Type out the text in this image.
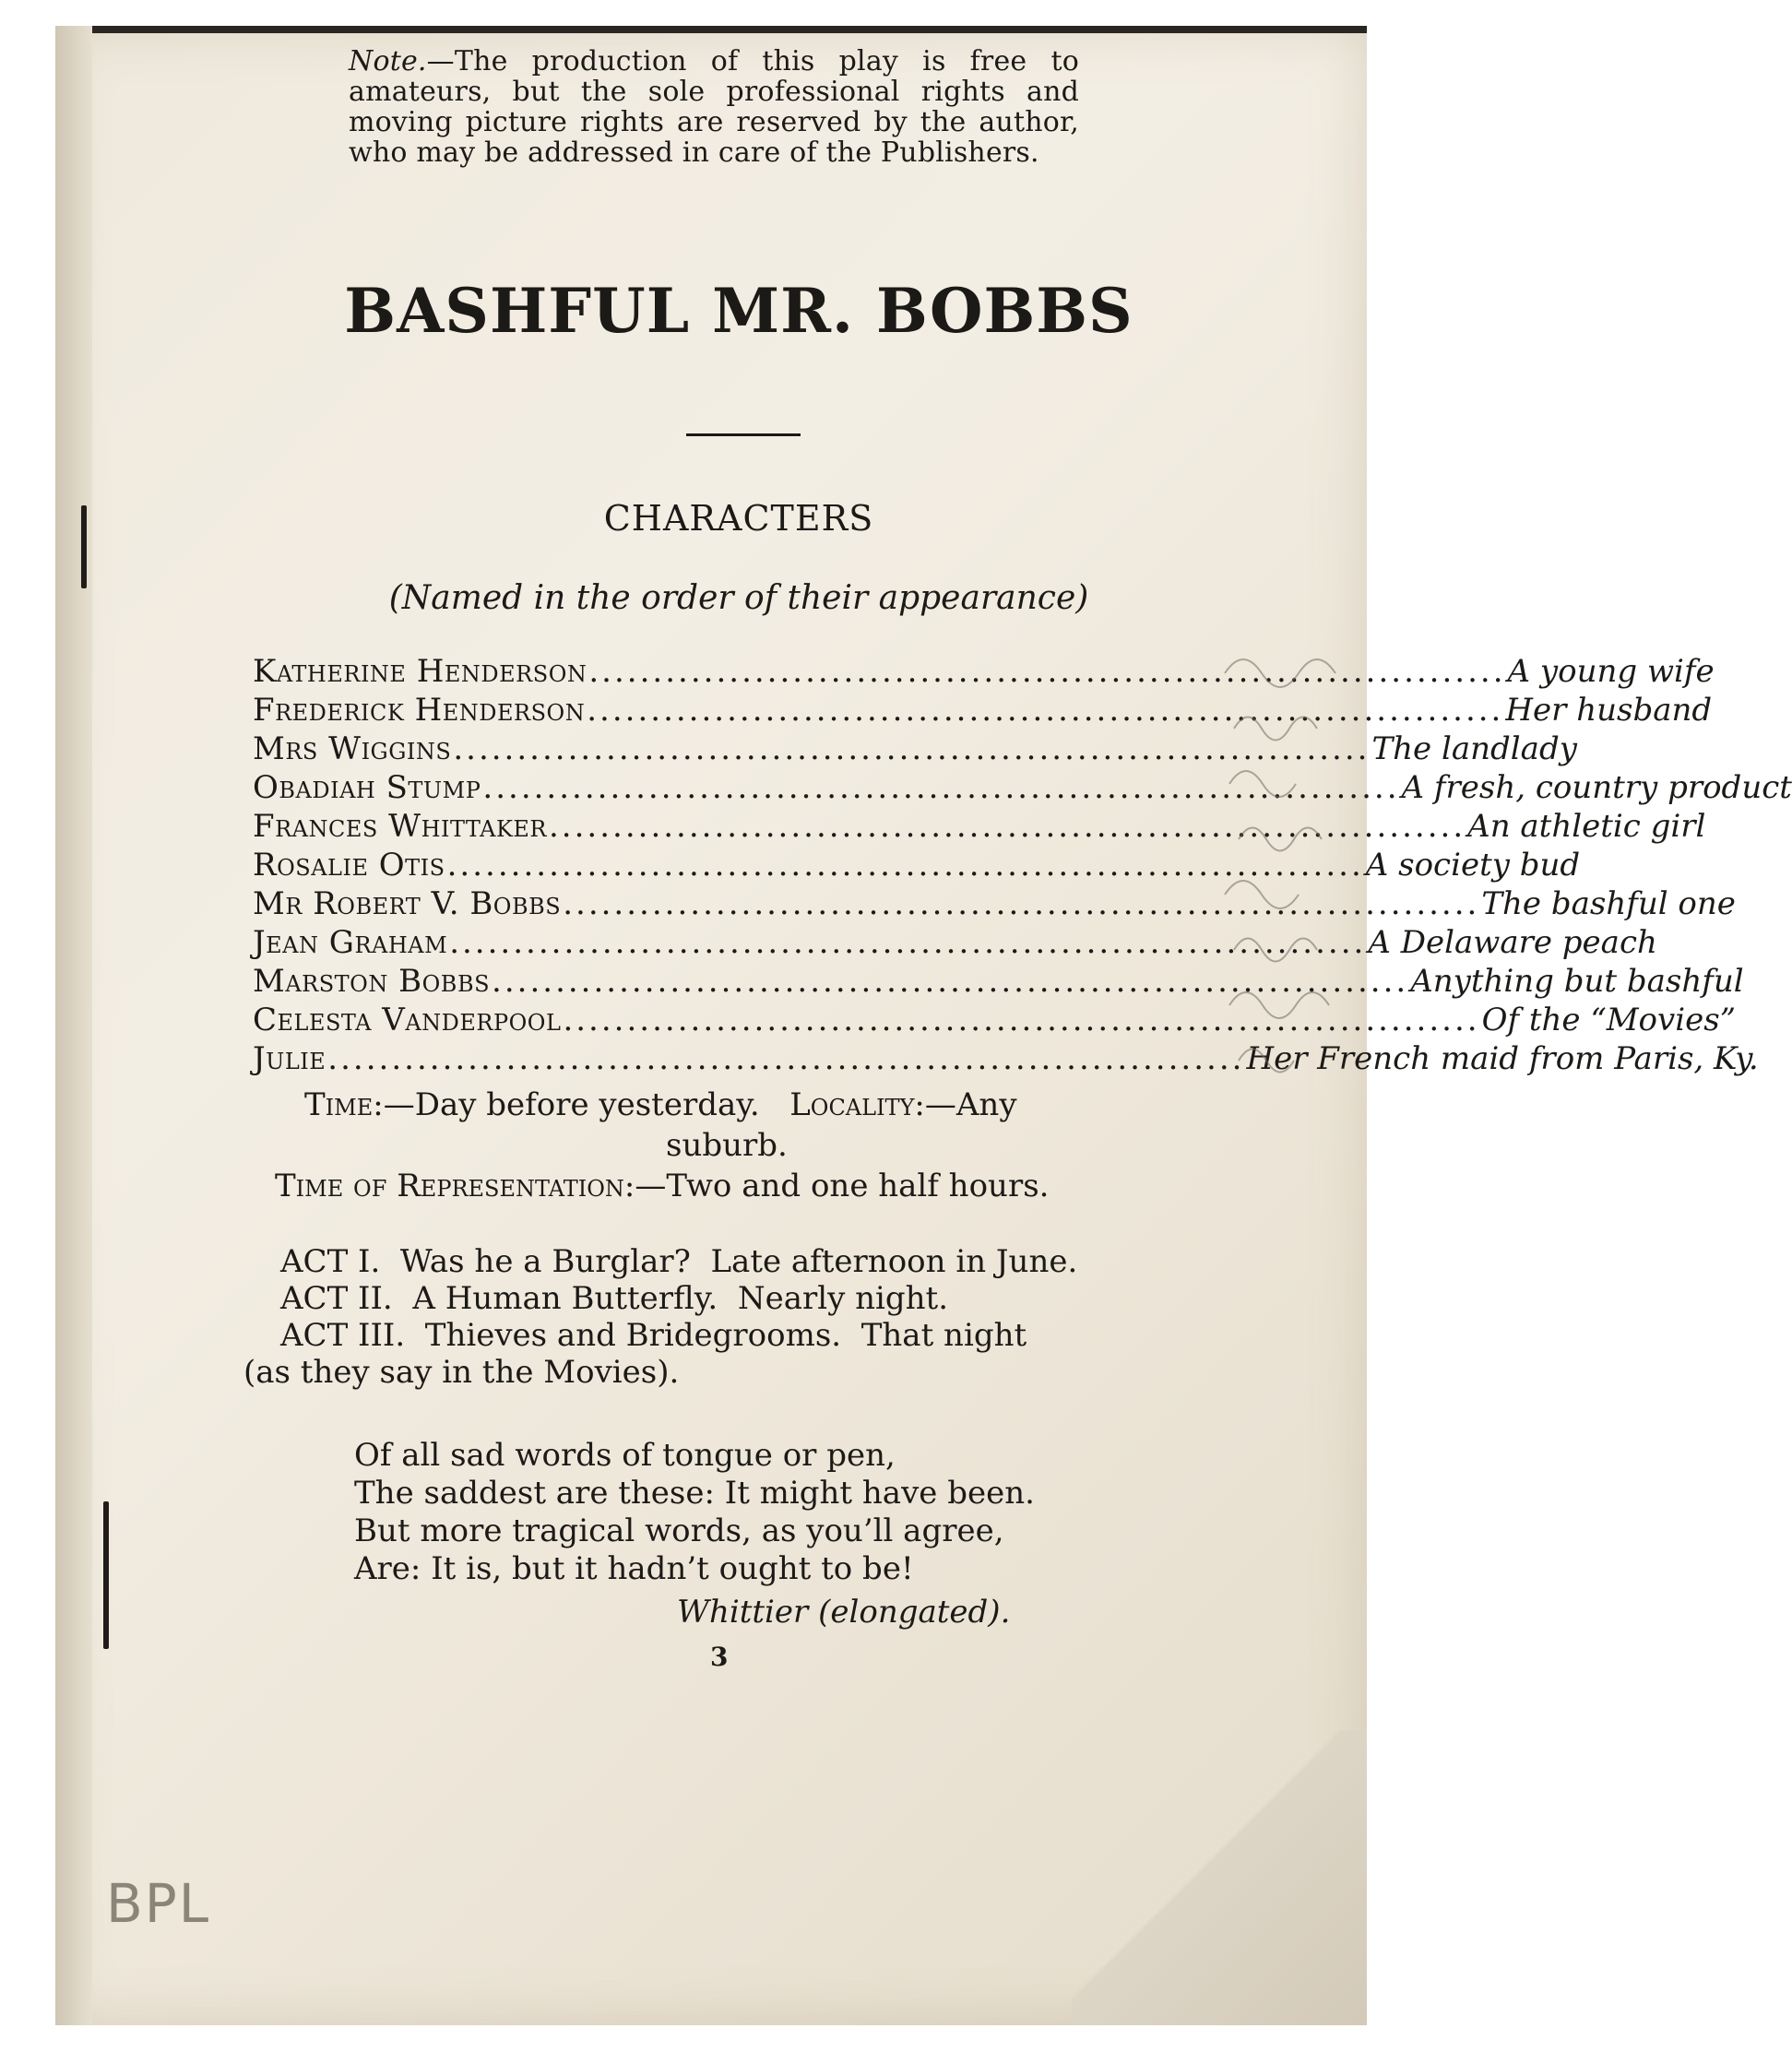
Note.—The production of this play is free to amateurs, but the sole professional rights and moving picture rights are reserved by the author, who may be addressed in care of the Publishers.
BASHFUL MR. BOBBS
CHARACTERS
(Named in the order of their appearance)
Katherine Henderson ........................................................................ A young wife
Frederick Henderson ........................................................................ Her husband
Mrs Wiggins ........................................................................ The landlady
Obadiah Stump ........................................................................ A fresh, country product
Frances Whittaker ........................................................................ An athletic girl
Rosalie Otis ........................................................................ A society bud
Mr Robert V. Bobbs ........................................................................ The bashful one
Jean Graham ........................................................................ A Delaware peach
Marston Bobbs ........................................................................ Anything but bashful
Celesta Vanderpool ........................................................................ Of the “Movies”
Julie ........................................................................ Her French maid from Paris, Ky.
Time:—Day before yesterday. Locality:—Any
suburb.
Time of Representation:—Two and one half hours.
ACT I.  Was he a Burglar?  Late afternoon in June.
ACT II.  A Human Butterfly.  Nearly night.
ACT III.  Thieves and Bridegrooms.  That night
(as they say in the Movies).
Of all sad words of tongue or pen,
The saddest are these: It might have been.
But more tragical words, as you’ll agree,
Are: It is, but it hadn’t ought to be!
Whittier (elongated).
3
BPL
